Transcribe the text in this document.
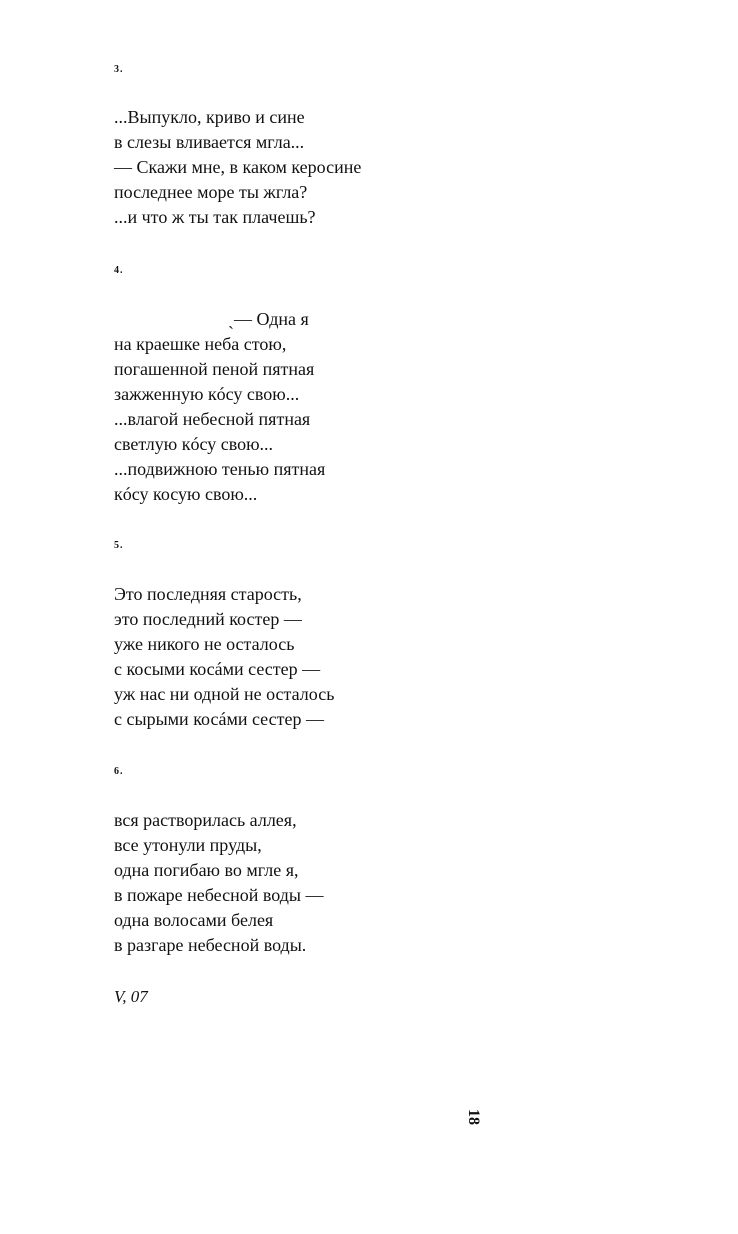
3.
...Выпукло, криво и сине
в слезы вливается мгла...
— Скажи мне, в каком керосине
последнее море ты жгла?
...и что ж ты так плачешь?
4.
ˎ— Одна я
на краешке неба стою,
погашенной пеной пятная
зажженную кóсу свою...
...влагой небесной пятная
светлую кóсу свою...
...подвижною тенью пятная
кóсу косую свою...
5.
Это последняя старость,
это последний костер —
уже никого не осталось
с косыми косáми сестер —
уж нас ни одной не осталось
с сырыми косáми сестер —
6.
вся растворилась аллея,
все утонули пруды,
одна погибаю во мгле я,
в пожаре небесной воды —
одна волосами белея
в разгаре небесной воды.
V, 07
18
